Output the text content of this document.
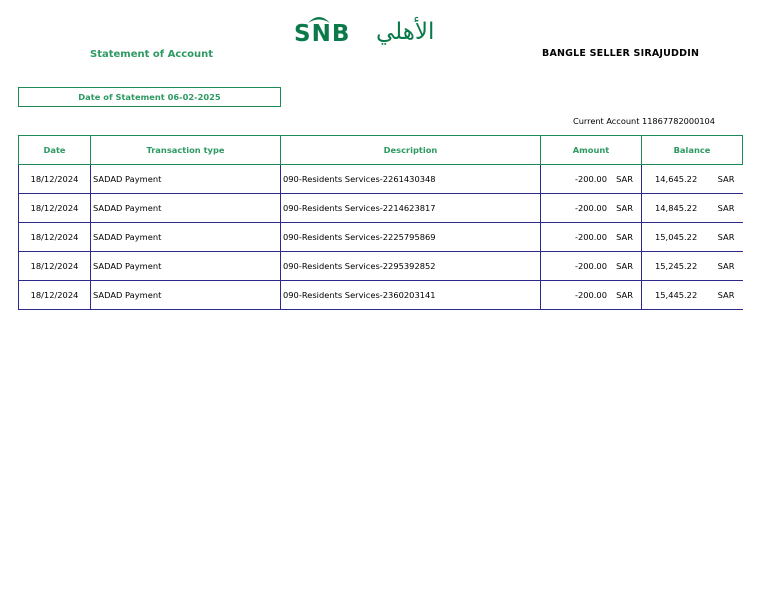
SNB الأهلي
Statement of Account	BANGLE SELLER SIRAJUDDIN
Date of Statement 06-02-2025
Current Account 11867782000104
Date	Transaction type	Description	Amount	Balance
18/12/2024	SADAD Payment	090-Residents Services-2261430348	-200.00 SAR	14,645.22 SAR

18/12/2024	SADAD Payment	090-Residents Services-2214623817	-200.00 SAR	14,845.22 SAR

18/12/2024	SADAD Payment	090-Residents Services-2225795869	-200.00 SAR	15,045.22 SAR

18/12/2024	SADAD Payment	090-Residents Services-2295392852	-200.00 SAR	15,245.22 SAR

18/12/2024	SADAD Payment	090-Residents Services-2360203141	-200.00 SAR	15,445.22 SAR
